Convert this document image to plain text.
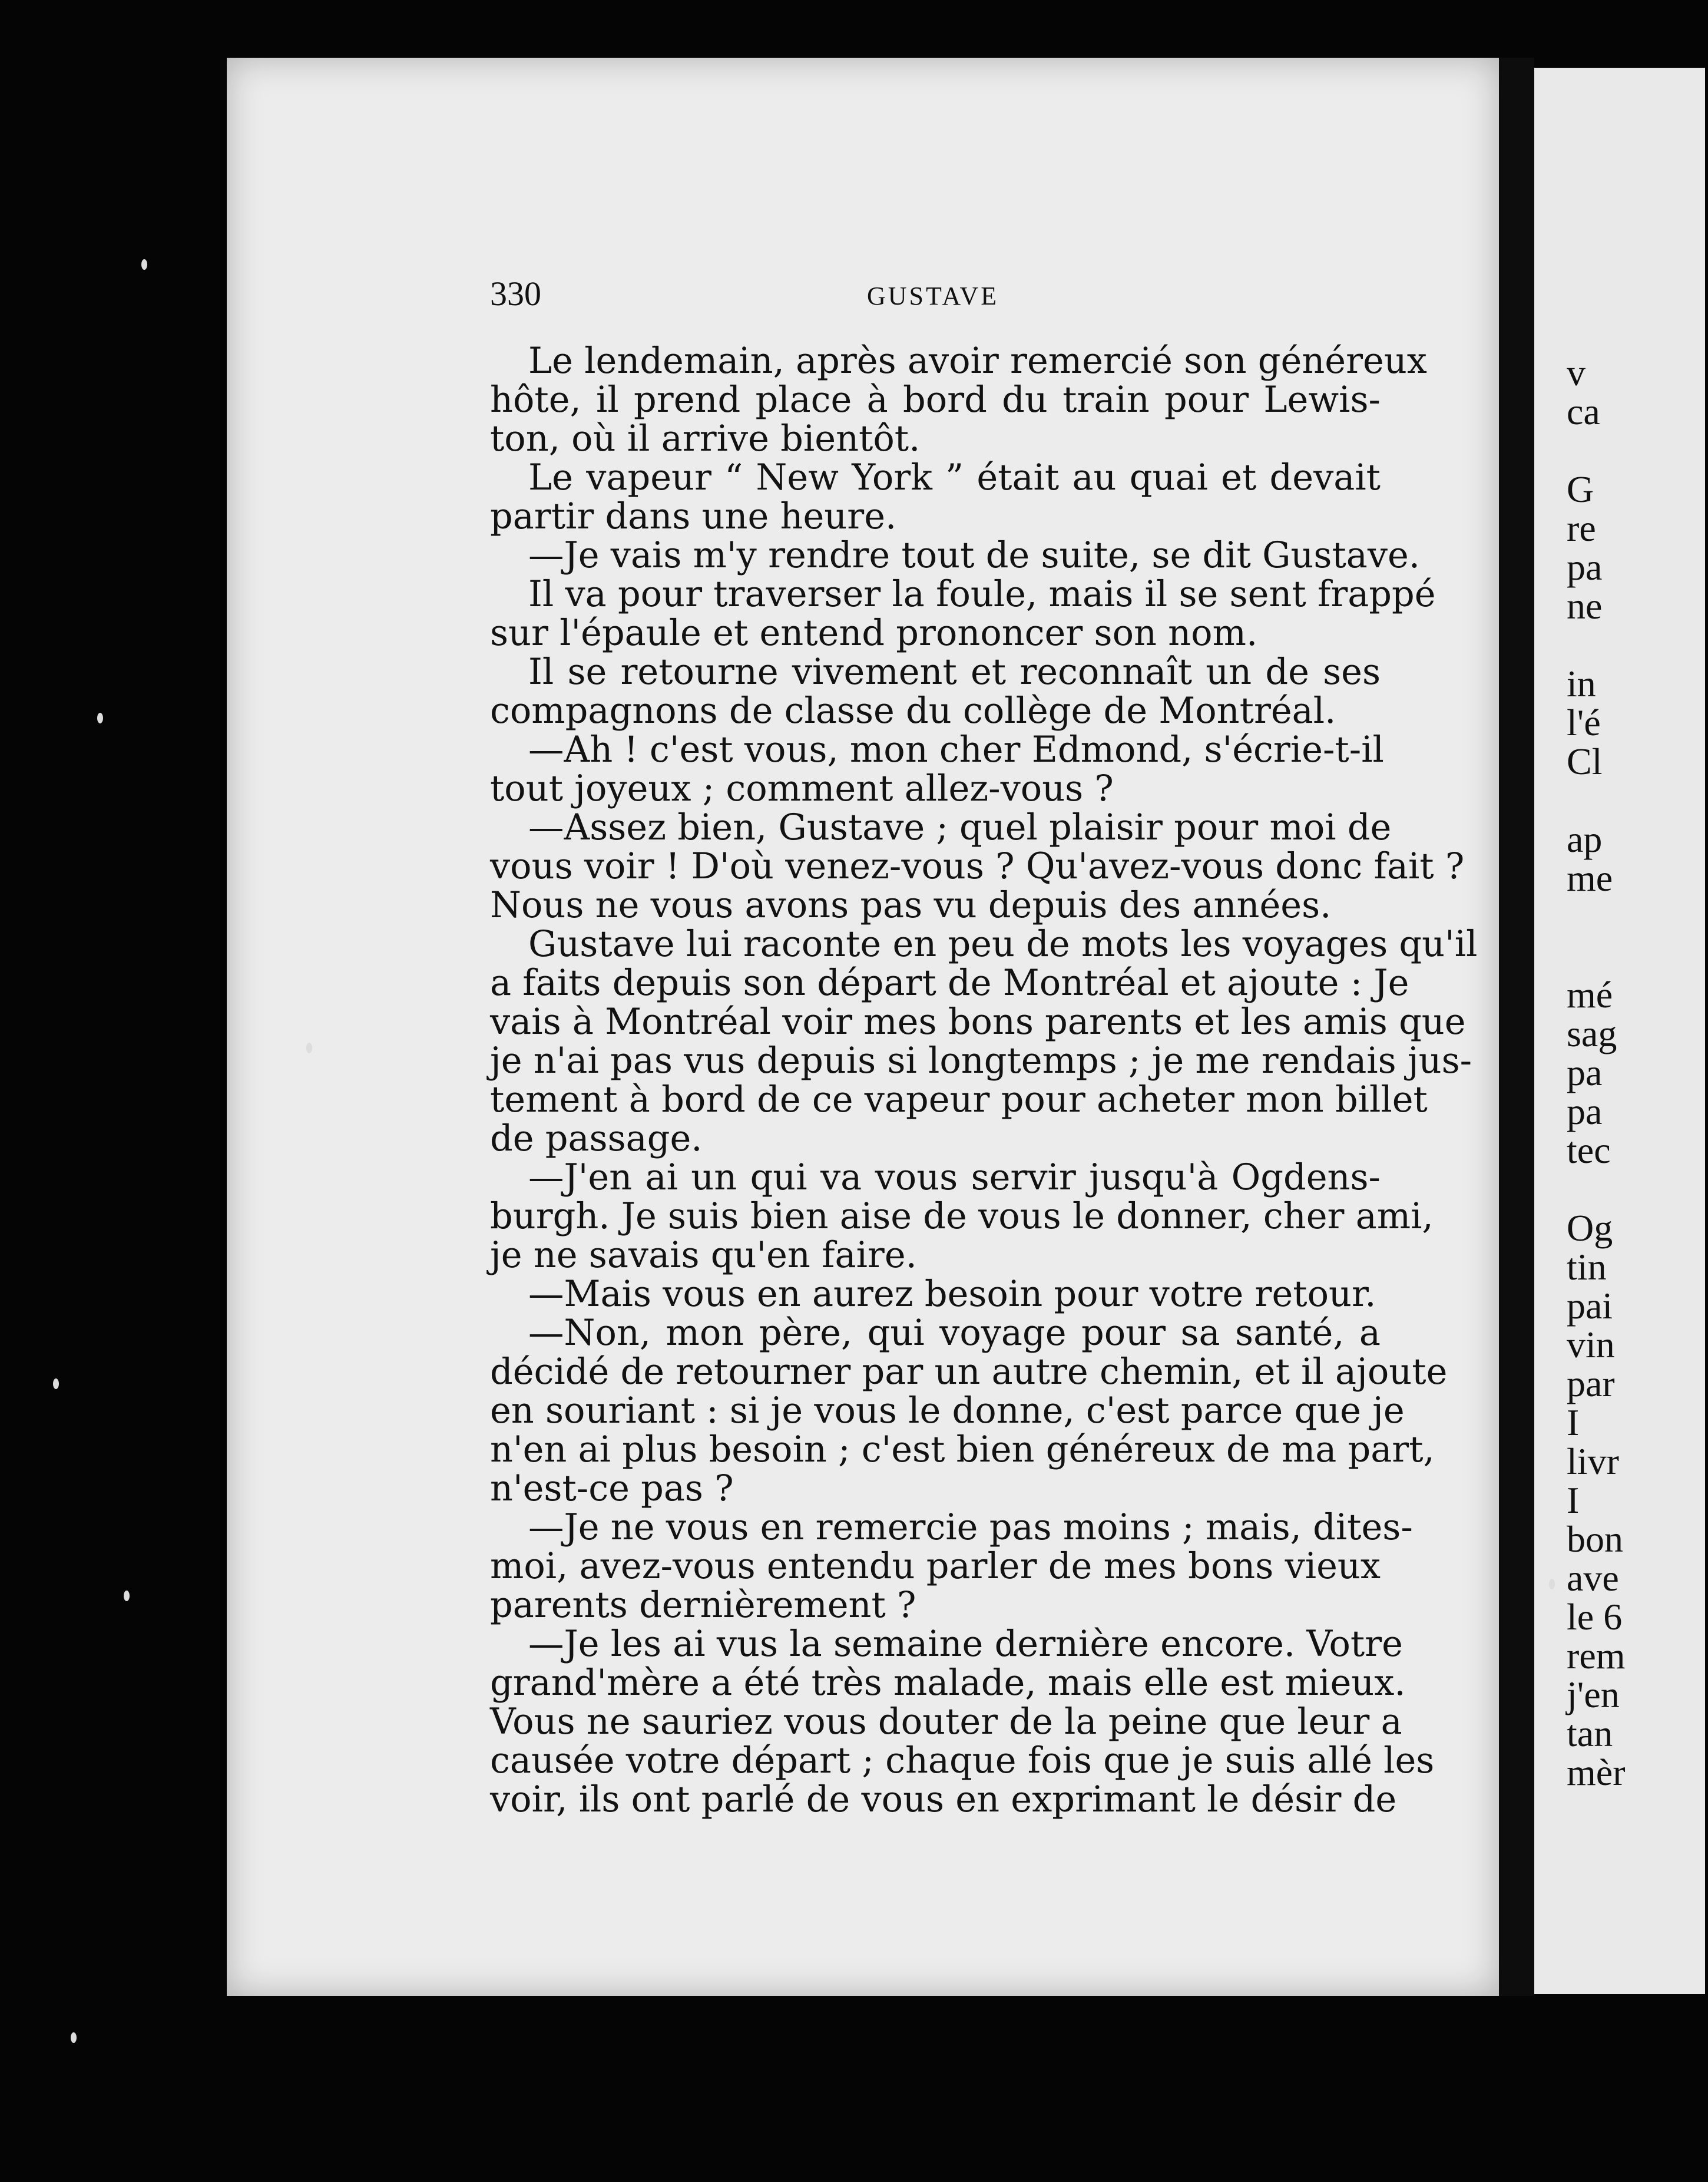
v
ca
G
re
pa
ne
in
l'é
Cl
ap
me
mé
sag
pa
pa
tec
Og
tin
pai
vin
par
I
livr
I
bon
ave
le 6
rem
j'en
tan
mèr
330	GUSTAVE
Le lendemain, après avoir remercié son généreux
hôte, il prend place à bord du train pour Lewis-
ton, où il arrive bientôt.
Le vapeur “ New York ” était au quai et devait
partir dans une heure.
—Je vais m'y rendre tout de suite, se dit Gustave.
Il va pour traverser la foule, mais il se sent frappé
sur l'épaule et entend prononcer son nom.
Il se retourne vivement et reconnaît un de ses
compagnons de classe du collège de Montréal.
—Ah ! c'est vous, mon cher Edmond, s'écrie-t-il
tout joyeux ; comment allez-vous ?
—Assez bien, Gustave ; quel plaisir pour moi de
vous voir ! D'où venez-vous ? Qu'avez-vous donc fait ?
Nous ne vous avons pas vu depuis des années.
Gustave lui raconte en peu de mots les voyages qu'il
a faits depuis son départ de Montréal et ajoute : Je
vais à Montréal voir mes bons parents et les amis que
je n'ai pas vus depuis si longtemps ; je me rendais jus-
tement à bord de ce vapeur pour acheter mon billet
de passage.
—J'en ai un qui va vous servir jusqu'à Ogdens-
burgh. Je suis bien aise de vous le donner, cher ami,
je ne savais qu'en faire.
—Mais vous en aurez besoin pour votre retour.
—Non, mon père, qui voyage pour sa santé, a
décidé de retourner par un autre chemin, et il ajoute
en souriant : si je vous le donne, c'est parce que je
n'en ai plus besoin ; c'est bien généreux de ma part,
n'est-ce pas ?
—Je ne vous en remercie pas moins ; mais, dites-
moi, avez-vous entendu parler de mes bons vieux
parents dernièrement ?
—Je les ai vus la semaine dernière encore. Votre
grand'mère a été très malade, mais elle est mieux.
Vous ne sauriez vous douter de la peine que leur a
causée votre départ ; chaque fois que je suis allé les
voir, ils ont parlé de vous en exprimant le désir de
